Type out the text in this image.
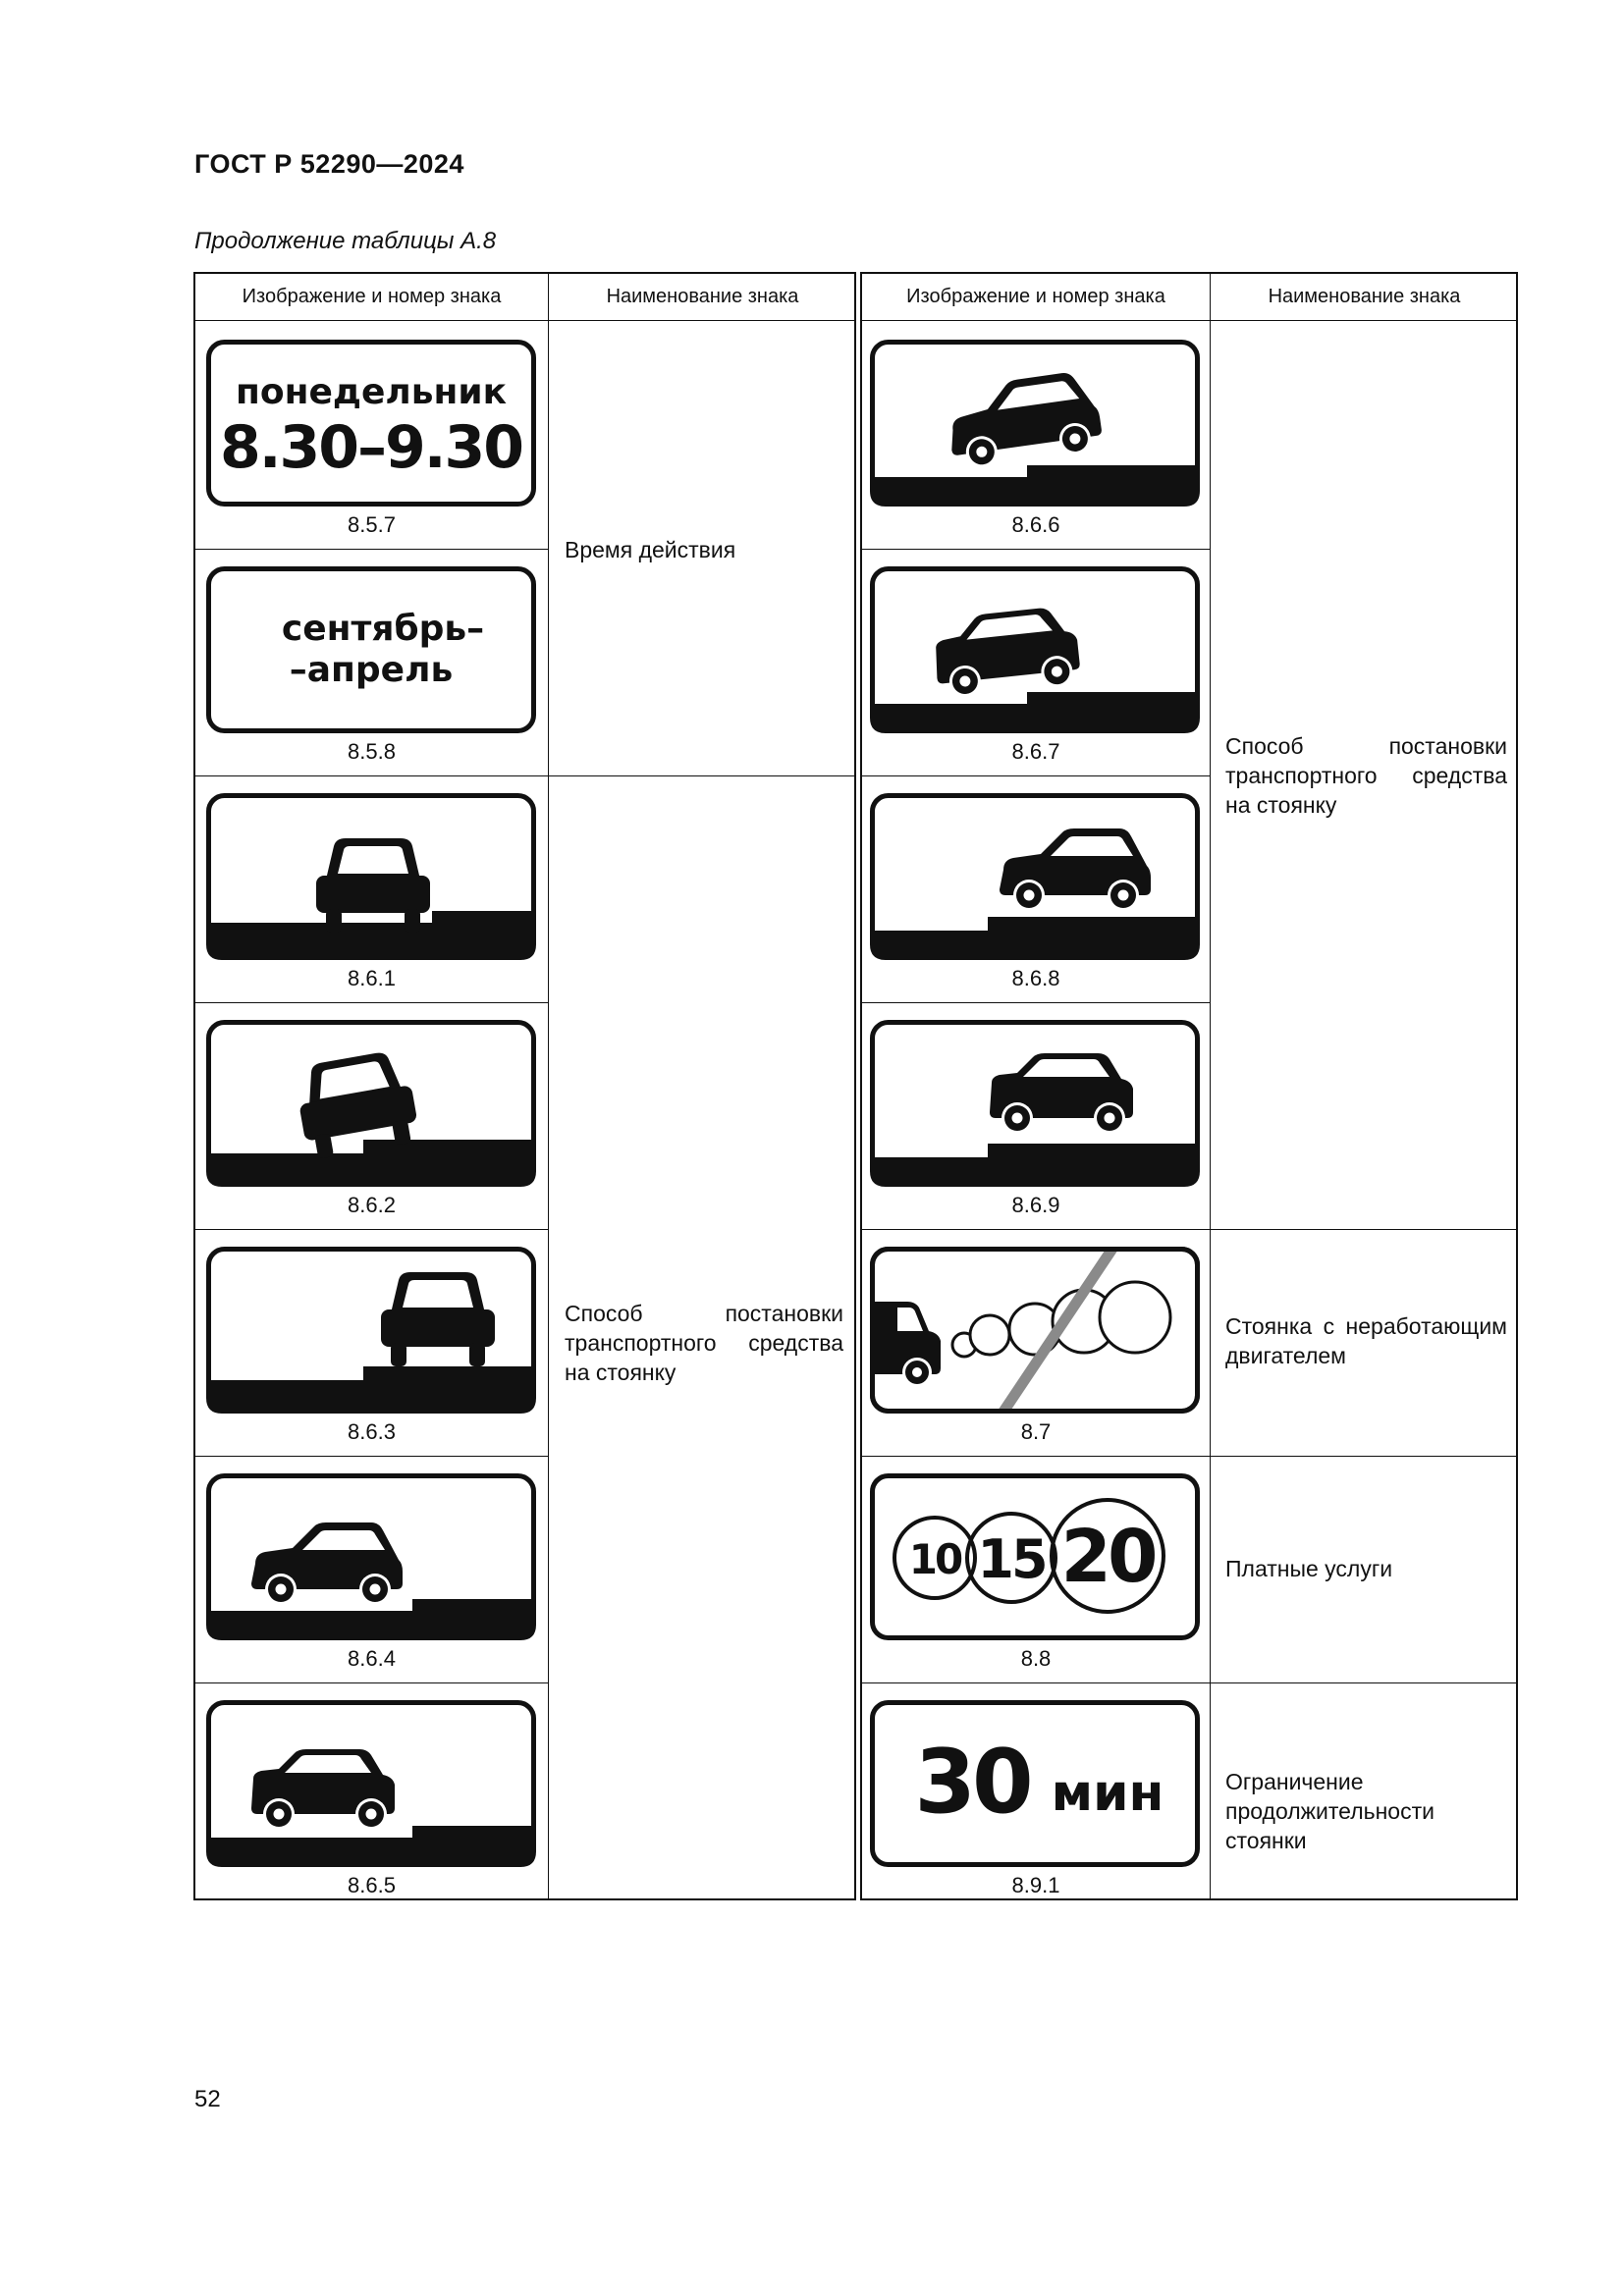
ГОСТ Р 52290—2024
Продолжение таблицы А.8
Изображение и номер знака	Наименование знака
понедельник
8.30–9.30
8.5.7
сентябрь–
–апрель
8.5.8
8.6.1
8.6.2
8.6.3
8.6.4
8.6.5
Время действия
Способ постановки транспортного средства на стоянку
Изображение и номер знака	Наименование знака
8.6.6
8.6.7
8.6.8
8.6.9
8.7
10 15 20
8.8
30 мин
8.9.1
Способ постановки транспортного средства на стоянку
Стоянка с неработающим двигателем
Платные услуги
Ограничение продолжительности стоянки
52
